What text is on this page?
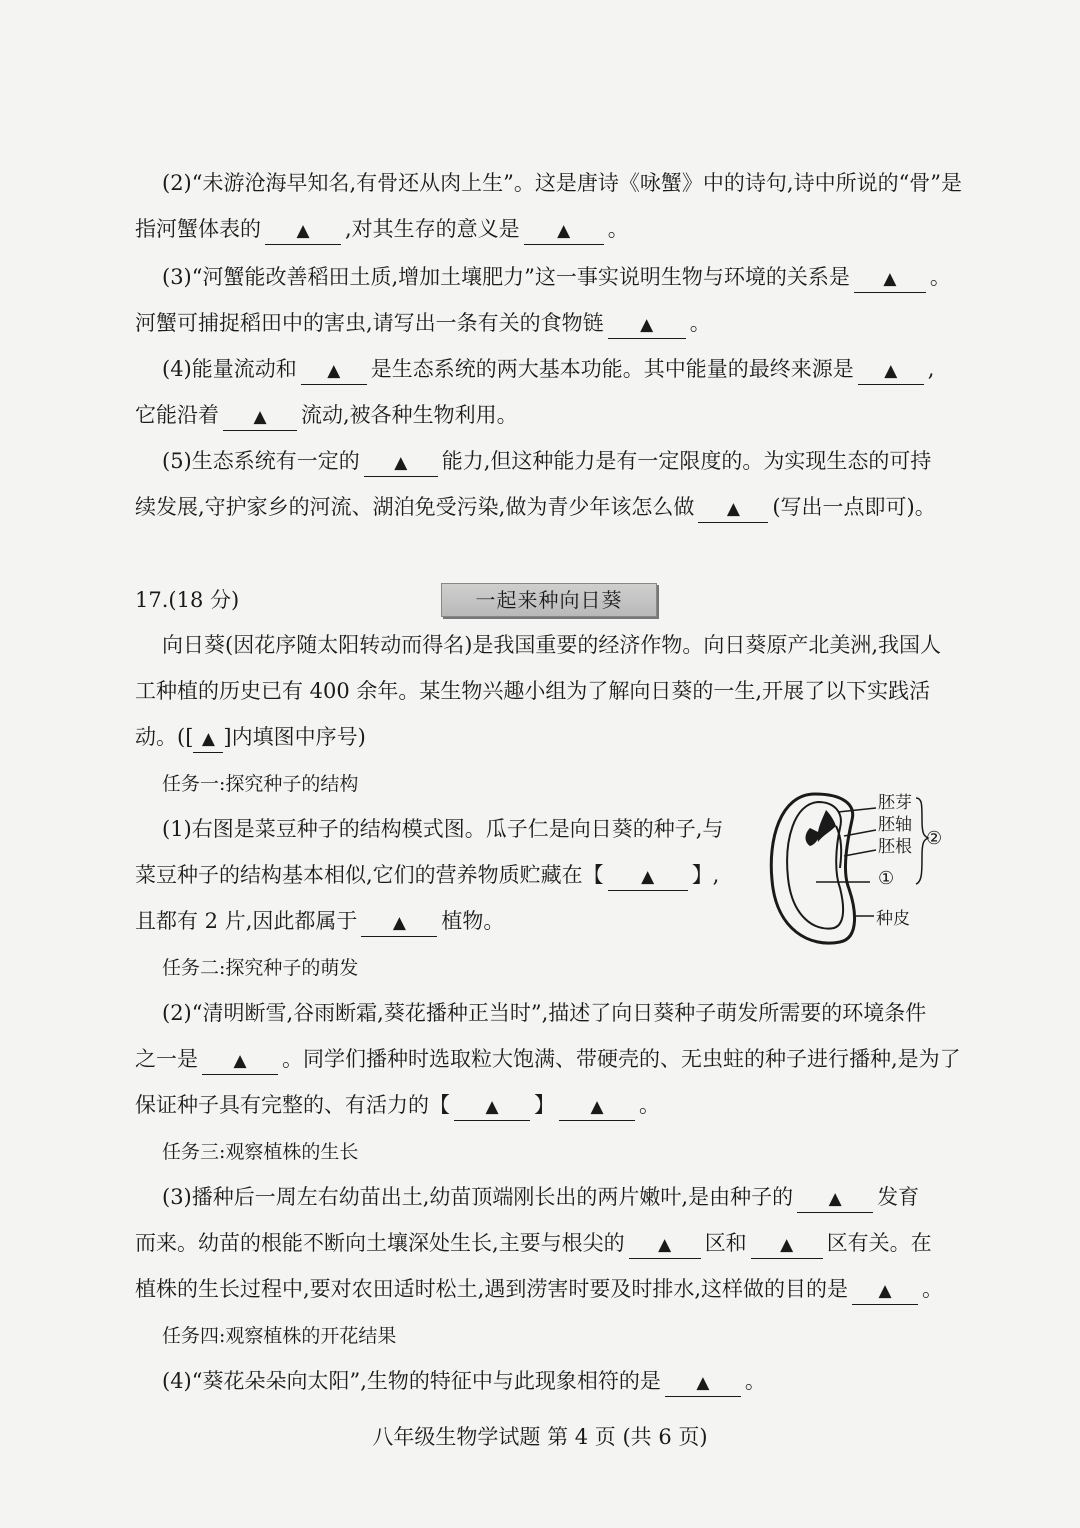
(2)“未游沧海早知名,有骨还从肉上生”。这是唐诗《咏蟹》中的诗句,诗中所说的“骨”是
指河蟹体表的 ▲ ,对其生存的意义是 ▲ 。
(3)“河蟹能改善稻田土质,增加土壤肥力”这一事实说明生物与环境的关系是 ▲ 。
河蟹可捕捉稻田中的害虫,请写出一条有关的食物链 ▲ 。
(4)能量流动和 ▲ 是生态系统的两大基本功能。其中能量的最终来源是 ▲ ,
它能沿着 ▲ 流动,被各种生物利用。
(5)生态系统有一定的 ▲ 能力,但这种能力是有一定限度的。为实现生态的可持
续发展,守护家乡的河流、湖泊免受污染,做为青少年该怎么做 ▲ (写出一点即可)。
17.(18 分)	一起来种向日葵
向日葵(因花序随太阳转动而得名)是我国重要的经济作物。向日葵原产北美洲,我国人
工种植的历史已有 400 余年。某生物兴趣小组为了解向日葵的一生,开展了以下实践活
动。([ ▲ ]内填图中序号)
任务一:探究种子的结构
(1)右图是菜豆种子的结构模式图。瓜子仁是向日葵的种子,与
菜豆种子的结构基本相似,它们的营养物质贮藏在【 ▲ 】,
且都有 2 片,因此都属于 ▲ 植物。
胚芽
胚轴
胚根 ②
①
种皮
任务二:探究种子的萌发
(2)“清明断雪,谷雨断霜,葵花播种正当时”,描述了向日葵种子萌发所需要的环境条件
之一是 ▲ 。同学们播种时选取粒大饱满、带硬壳的、无虫蛀的种子进行播种,是为了
保证种子具有完整的、有活力的【 ▲ 】 ▲ 。
任务三:观察植株的生长
(3)播种后一周左右幼苗出土,幼苗顶端刚长出的两片嫩叶,是由种子的 ▲ 发育
而来。幼苗的根能不断向土壤深处生长,主要与根尖的 ▲ 区和 ▲ 区有关。在
植株的生长过程中,要对农田适时松土,遇到涝害时要及时排水,这样做的目的是 ▲ 。
任务四:观察植株的开花结果
(4)“葵花朵朵向太阳”,生物的特征中与此现象相符的是 ▲ 。
八年级生物学试题 第 4 页 (共 6 页)
